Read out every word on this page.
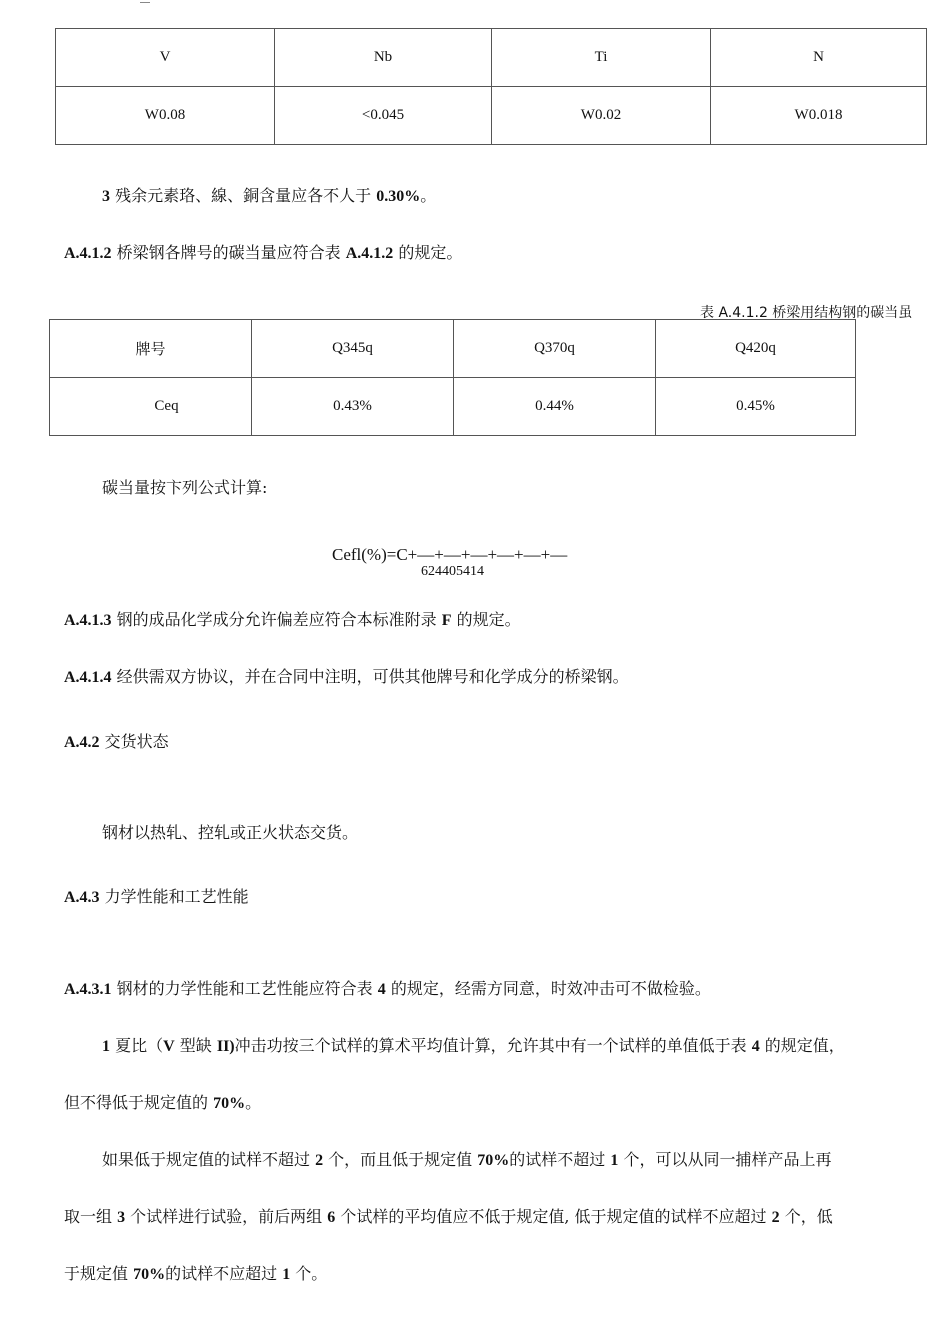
V	Nb	Ti	N
W0.08	<0.045	W0.02	W0.018
3 残余元素珞、線、銅含量应各不人于 0.30%。
A.4.1.2 桥梁钢各牌号的碳当量应符合表 A.4.1.2 的规定。
表 A.4.1.2 桥梁用结构钢的碳当虽
牌号	Q345q	Q370q	Q420q
Ceq	0.43%	0.44%	0.45%
碳当量按卞列公式计算:
Cefl(%)=C+—+—+—+—+—+—
624405414
A.4.1.3 钢的成品化学成分允许偏差应符合本标准附录 F 的规定。
A.4.1.4 经供需双方协议，并在合同中注明，可供其他牌号和化学成分的桥梁钢。
A.4.2 交货状态
钢材以热轧、控轧或正火状态交货。
A.4.3 力学性能和工艺性能
A.4.3.1 钢材的力学性能和工艺性能应符合表 4 的规定，经需方同意，时效冲击可不做检验。
1 夏比（V 型缺 II)冲击功按三个试样的算术平均值计算，允许其中有一个试样的单值低于表 4 的规定值，
但不得低于规定值的 70%。
如果低于规定值的试样不超过 2 个，而且低于规定值 70%的试样不超过 1 个，可以从同一捕样产品上再
取一组 3 个试样进行试验，前后两组 6 个试样的平均值应不低于规定值, 低于规定值的试样不应超过 2 个，低
于规定值 70%的试样不应超过 1 个。
